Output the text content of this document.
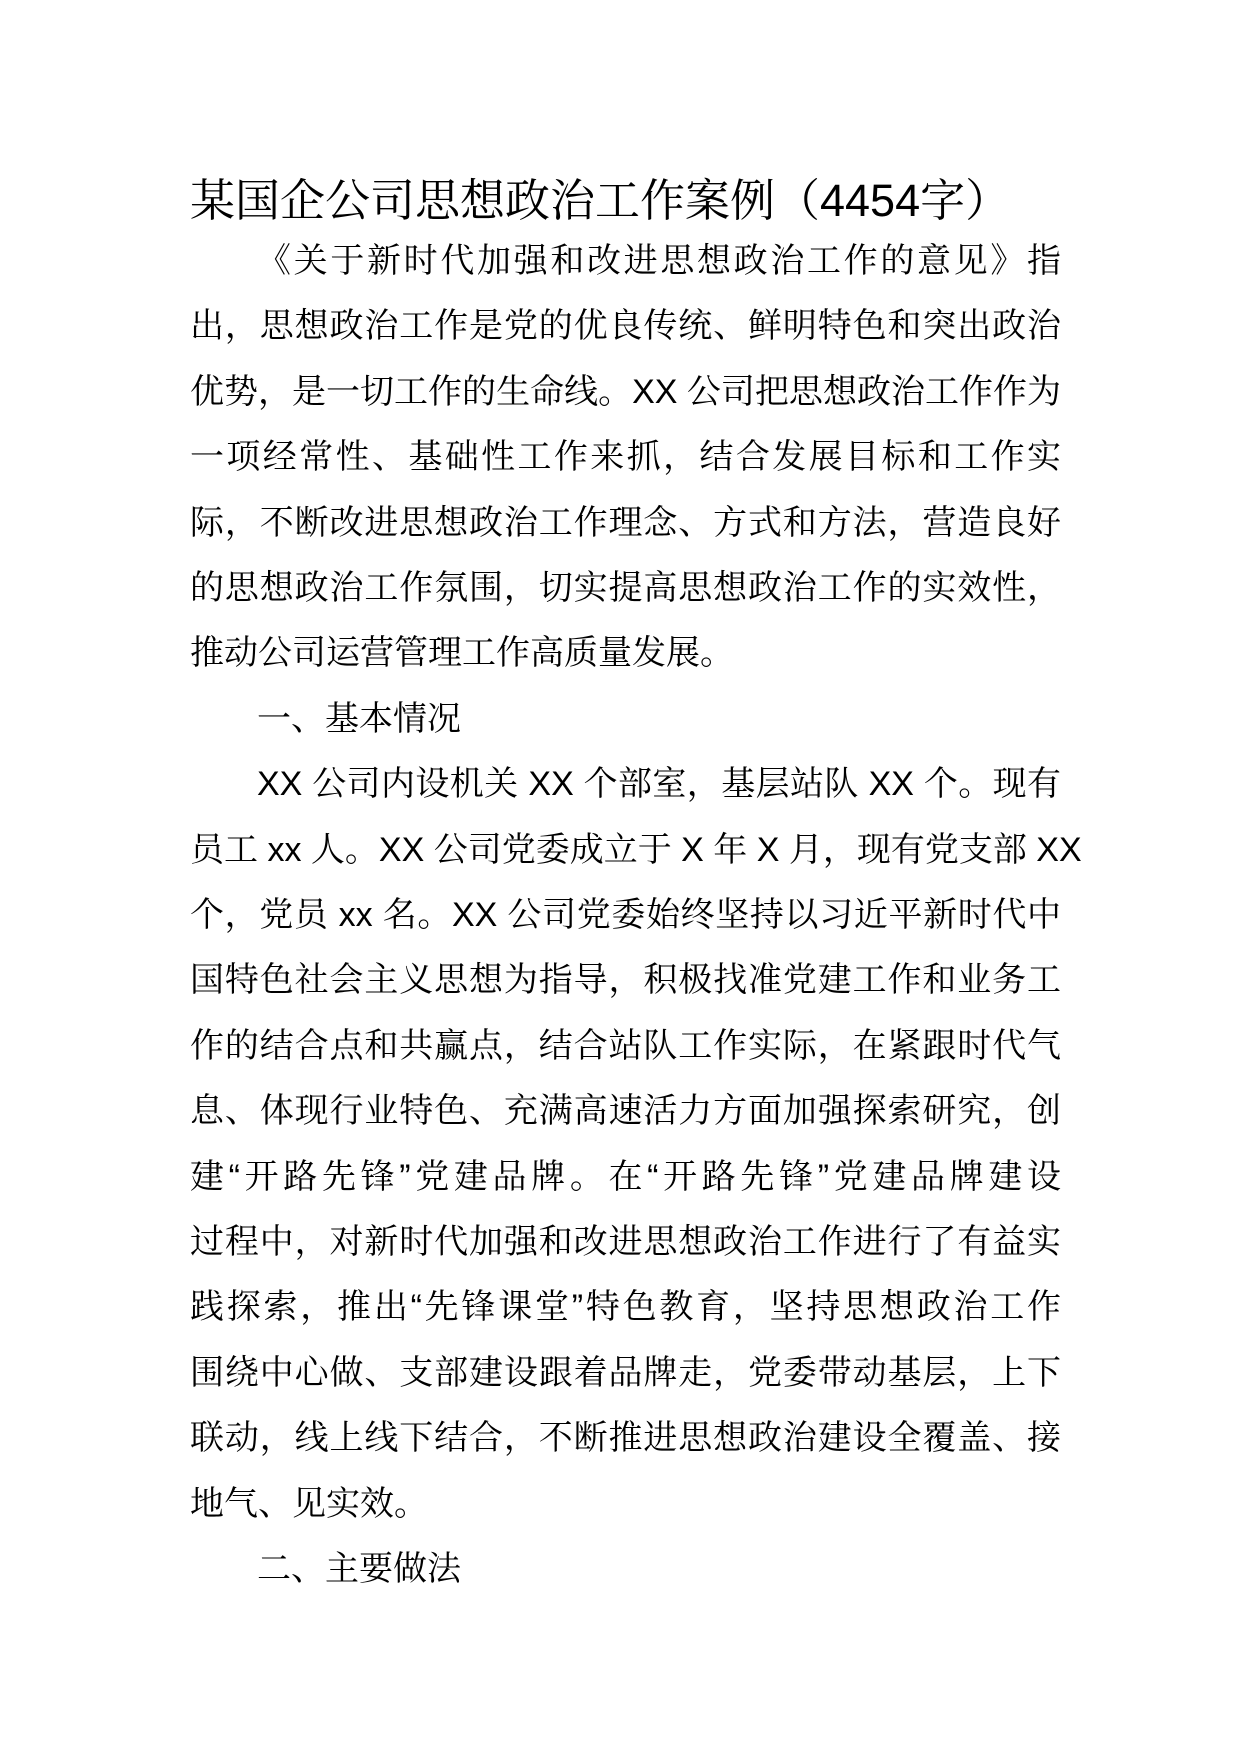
某国企公司思想政治工作案例（4454字）
《关于新时代加强和改进思想政治工作的意见》指
出，思想政治工作是党的优良传统、鲜明特色和突出政治
优势，是一切工作的生命线。XX 公司把思想政治工作作为
一项经常性、基础性工作来抓，结合发展目标和工作实
际，不断改进思想政治工作理念、方式和方法，营造良好
的思想政治工作氛围，切实提高思想政治工作的实效性，
推动公司运营管理工作高质量发展。
一、基本情况
XX 公司内设机关 XX 个部室，基层站队 XX 个。现有
员工 xx 人。XX 公司党委成立于 X 年 X 月，现有党支部 XX
个，党员 xx 名。XX 公司党委始终坚持以习近平新时代中
国特色社会主义思想为指导，积极找准党建工作和业务工
作的结合点和共赢点，结合站队工作实际，在紧跟时代气
息、体现行业特色、充满高速活力方面加强探索研究，创
建“开路先锋”党建品牌。在“开路先锋”党建品牌建设
过程中，对新时代加强和改进思想政治工作进行了有益实
践探索，推出“先锋课堂”特色教育，坚持思想政治工作
围绕中心做、支部建设跟着品牌走，党委带动基层，上下
联动，线上线下结合，不断推进思想政治建设全覆盖、接
地气、见实效。
二、主要做法
